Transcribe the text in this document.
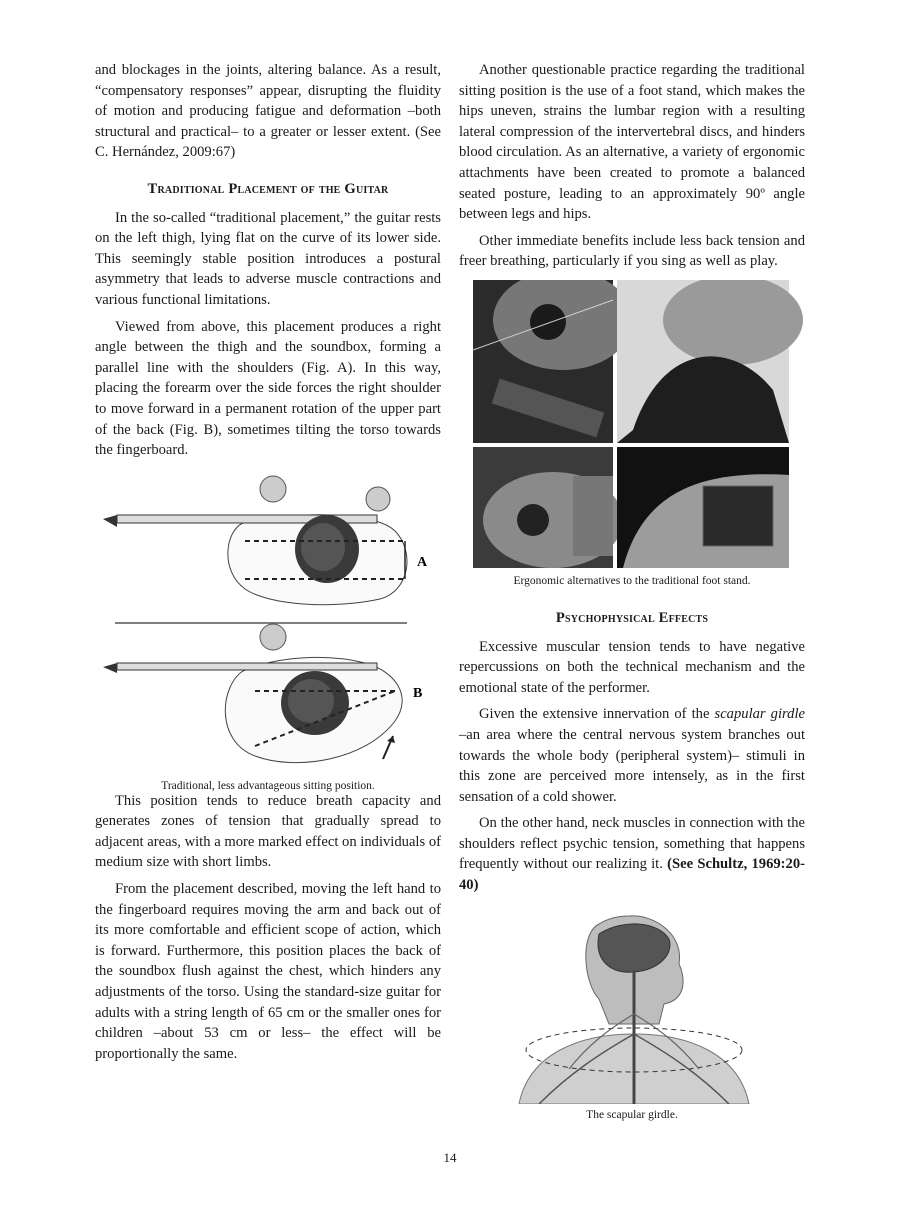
and blockages in the joints, altering balance. As a result, “compensatory responses” appear, disrupting the fluidity of motion and producing fatigue and deformation –both structural and practical– to a greater or lesser extent. (See C. Hernández, 2009:67)

Traditional Placement of the Guitar

In the so-called “traditional placement,” the guitar rests on the left thigh, lying flat on the curve of its lower side. This seemingly stable position introduces a postural asymmetry that leads to adverse muscle contractions and various functional limitations.

Viewed from above, this placement produces a right angle between the thigh and the soundbox, forming a parallel line with the shoulders (Fig. A). In this way, placing the forearm over the side forces the right shoulder to move forward in a permanent rotation of the upper part of the back (Fig. B), sometimes tilting the torso towards the fingerboard.

A
B
Traditional, less advantageous sitting position.

This position tends to reduce breath capacity and generates zones of tension that gradually spread to adjacent areas, with a more marked effect on individuals of medium size with short limbs.

From the placement described, moving the left hand to the fingerboard requires moving the arm and back out of its more comfortable and efficient scope of action, which is forward. Furthermore, this position places the back of the soundbox flush against the chest, which hinders any adjustments of the torso. Using the standard-size guitar for adults with a string length of 65 cm or the smaller ones for children –about 53 cm or less– the effect will be proportionally the same.

Another questionable practice regarding the traditional sitting position is the use of a foot stand, which makes the hips uneven, strains the lumbar region with a resulting lateral compression of the intervertebral discs, and hinders blood circulation. As an alternative, a variety of ergonomic attachments have been created to promote a balanced seated posture, leading to an approximately 90º angle between legs and hips.

Other immediate benefits include less back tension and freer breathing, particularly if you sing as well as play.

Ergonomic alternatives to the traditional foot stand.
Psychophysical Effects

Excessive muscular tension tends to have negative repercussions on both the technical mechanism and the emotional state of the performer.

Given the extensive innervation of the scapular girdle –an area where the central nervous system branches out towards the whole body (peripheral system)– stimuli in this zone are perceived more intensely, as in the first sensation of a cold shower.

On the other hand, neck muscles in connection with the shoulders reflect psychic tension, something that happens frequently without our realizing it. (See Schultz, 1969:20-40)

The scapular girdle.
14
